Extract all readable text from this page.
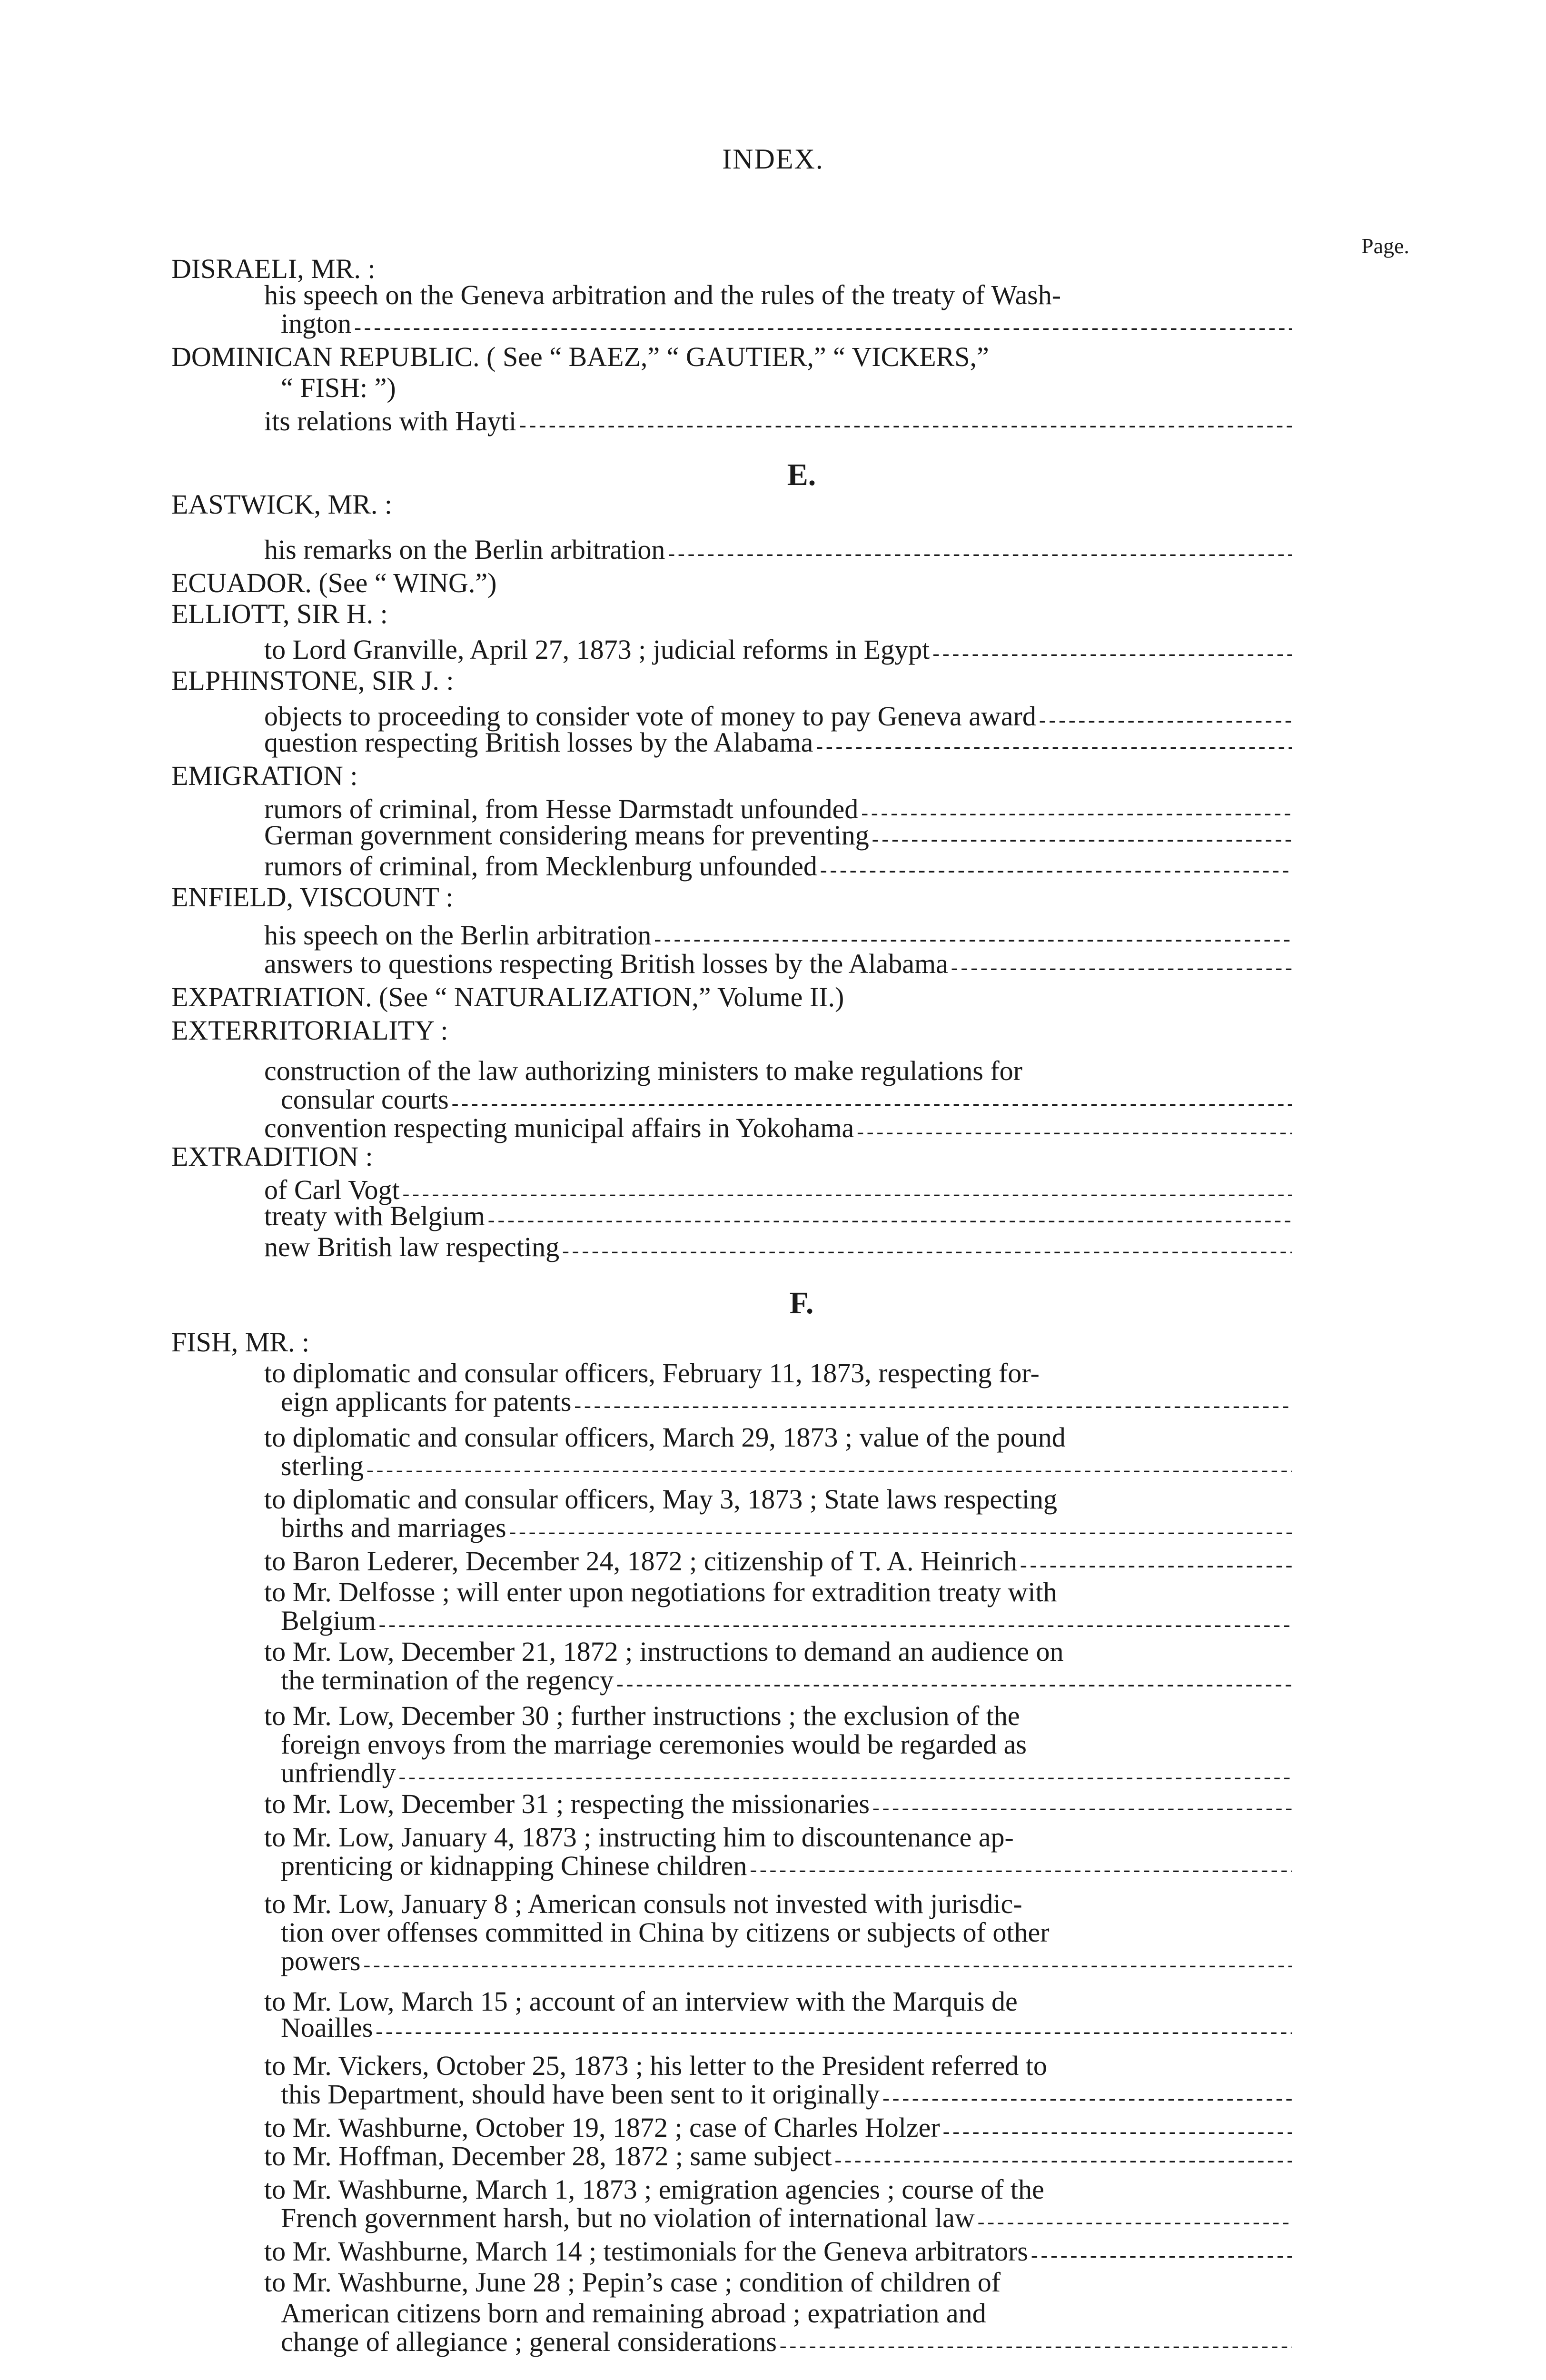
INDEX.
Page.
E.
F.
DISRAELI, MR. :
his speech on the Geneva arbitration and the rules of the treaty of Wash-
ington
-----
DOMINICAN REPUBLIC. ( See “ BAEZ,” “ GAUTIER,” “ VICKERS,”
“ FISH: ”)
its relations with Hayti
-----
EASTWICK, MR. :
his remarks on the Berlin arbitration
-----
ECUADOR. (See “ WING.”)
ELLIOTT, SIR H. :
to Lord Granville, April 27, 1873 ; judicial reforms in Egypt
-----
ELPHINSTONE, SIR J. :
objects to proceeding to consider vote of money to pay Geneva award
-----
question respecting British losses by the Alabama
-----
EMIGRATION :
rumors of criminal, from Hesse Darmstadt unfounded
-----
German government considering means for preventing
-----
rumors of criminal, from Mecklenburg unfounded
-----
ENFIELD, VISCOUNT :
his speech on the Berlin arbitration
-----
answers to questions respecting British losses by the Alabama
-----
EXPATRIATION. (See “ NATURALIZATION,” Volume II.)
EXTERRITORIALITY :
construction of the law authorizing ministers to make regulations for
consular courts
-----
convention respecting municipal affairs in Yokohama
-----
EXTRADITION :
of Carl Vogt
-----
treaty with Belgium
-----
new British law respecting
-----
FISH, MR. :
to diplomatic and consular officers, February 11, 1873, respecting for-
eign applicants for patents
-----
to diplomatic and consular officers, March 29, 1873 ; value of the pound
sterling
-----
to diplomatic and consular officers, May 3, 1873 ; State laws respecting
births and marriages
-----
to Baron Lederer, December 24, 1872 ; citizenship of T. A. Heinrich
-----
to Mr. Delfosse ; will enter upon negotiations for extradition treaty with
Belgium
-----
to Mr. Low, December 21, 1872 ; instructions to demand an audience on
the termination of the regency
-----
to Mr. Low, December 30 ; further instructions ; the exclusion of the
foreign envoys from the marriage ceremonies would be regarded as
unfriendly
-----
to Mr. Low, December 31 ; respecting the missionaries
-----
to Mr. Low, January 4, 1873 ; instructing him to discountenance ap-
prenticing or kidnapping Chinese children
-----
to Mr. Low, January 8 ; American consuls not invested with jurisdic-
tion over offenses committed in China by citizens or subjects of other
powers
-----
to Mr. Low, March 15 ; account of an interview with the Marquis de
Noailles
-----
to Mr. Vickers, October 25, 1873 ; his letter to the President referred to
this Department, should have been sent to it originally
-----
to Mr. Washburne, October 19, 1872 ; case of Charles Holzer
-----
to Mr. Hoffman, December 28, 1872 ; same subject
-----
to Mr. Washburne, March 1, 1873 ; emigration agencies ; course of the
French government harsh, but no violation of international law
-----
to Mr. Washburne, March 14 ; testimonials for the Geneva arbitrators
-----
to Mr. Washburne, June 28 ; Pepin’s case ; condition of children of
American citizens born and remaining abroad ; expatriation and
change of allegiance ; general considerations
-----
